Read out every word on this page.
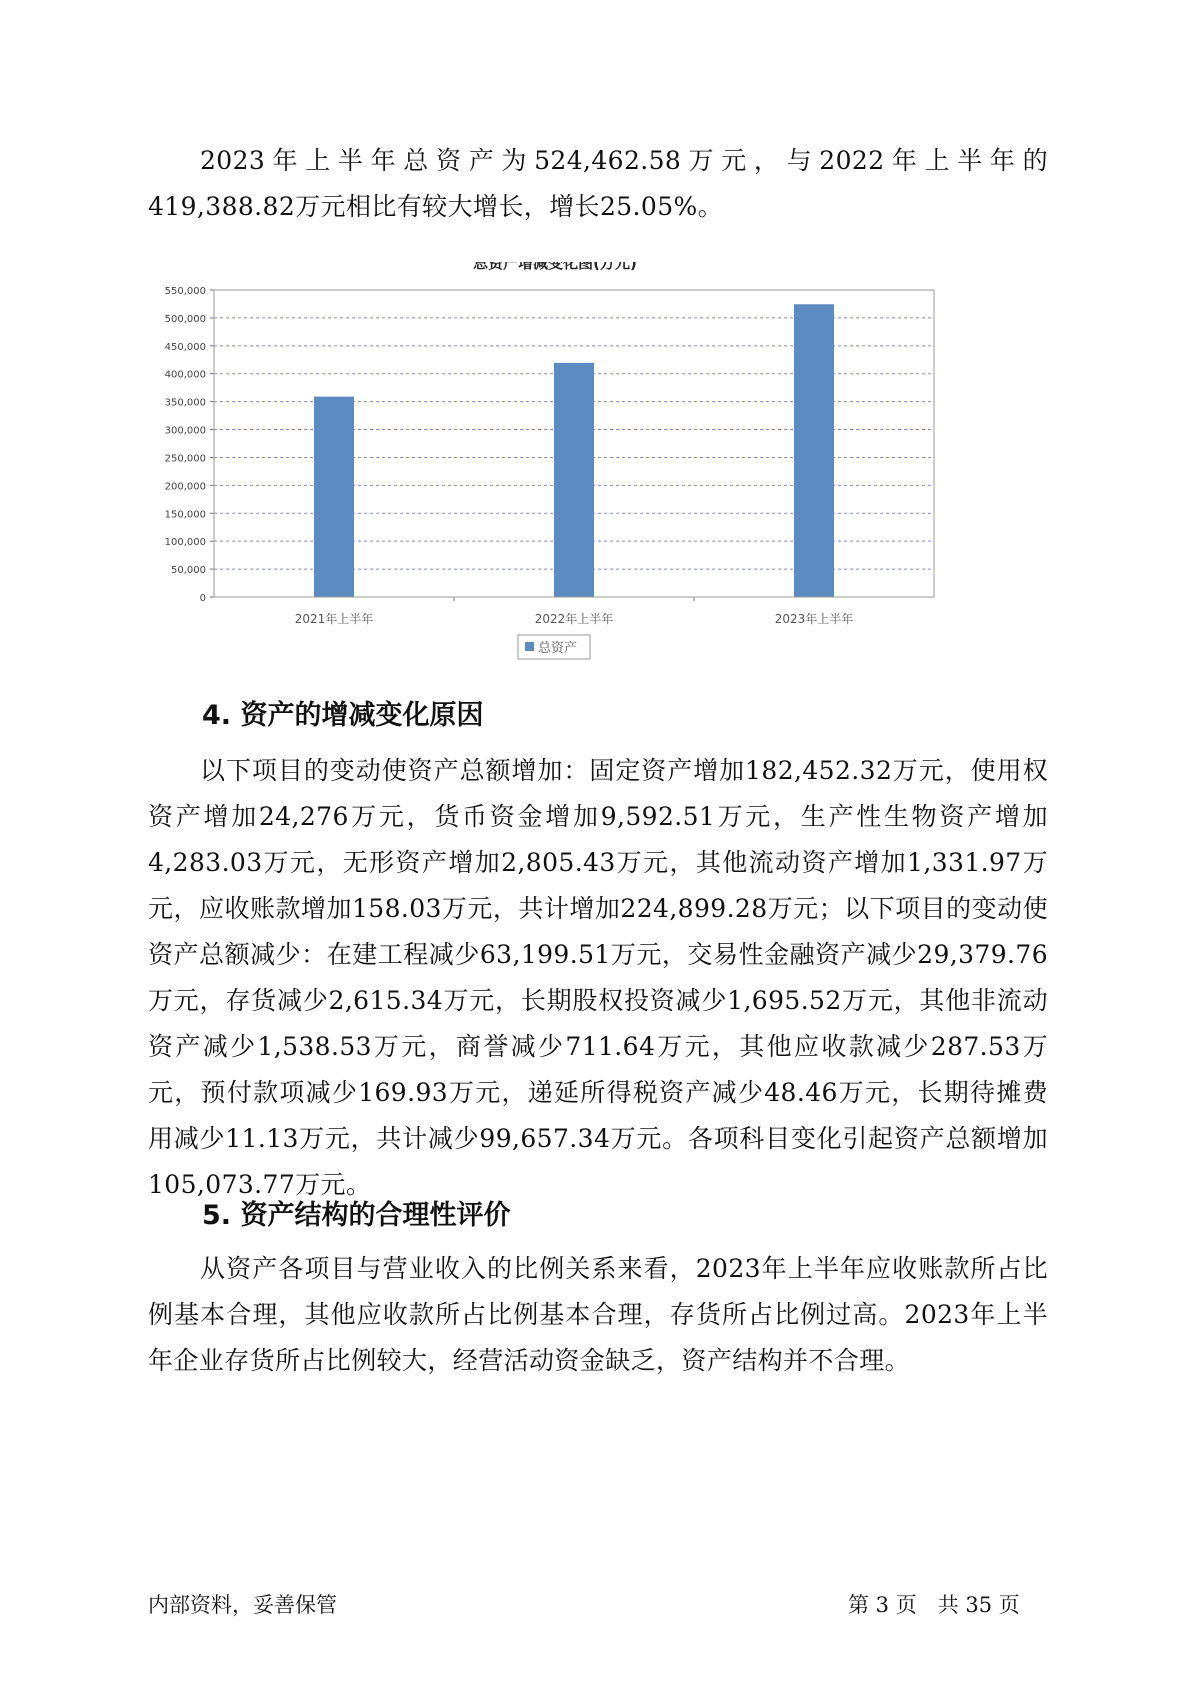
2023年上半年总资产为524,462.58万元，与2022年上半年的419,388.82万元相比有较大增长，增长25.05%。

总资产增减变化图(万元)
0
50,000
100,000
150,000
200,000
250,000
300,000
350,000
400,000
450,000
500,000
550,000
2021年上半年	2022年上半年	2023年上半年
总资产

4. 资产的增减变化原因

以下项目的变动使资产总额增加：固定资产增加182,452.32万元，使用权资产增加24,276万元，货币资金增加9,592.51万元，生产性生物资产增加4,283.03万元，无形资产增加2,805.43万元，其他流动资产增加1,331.97万元，应收账款增加158.03万元，共计增加224,899.28万元；以下项目的变动使资产总额减少：在建工程减少63,199.51万元，交易性金融资产减少29,379.76万元，存货减少2,615.34万元，长期股权投资减少1,695.52万元，其他非流动资产减少1,538.53万元，商誉减少711.64万元，其他应收款减少287.53万元，预付款项减少169.93万元，递延所得税资产减少48.46万元，长期待摊费用减少11.13万元，共计减少99,657.34万元。各项科目变化引起资产总额增加105,073.77万元。

5. 资产结构的合理性评价

从资产各项目与营业收入的比例关系来看，2023年上半年应收账款所占比例基本合理，其他应收款所占比例基本合理，存货所占比例过高。2023年上半年企业存货所占比例较大，经营活动资金缺乏，资产结构并不合理。

内部资料，妥善保管	第 3 页　共 35 页
